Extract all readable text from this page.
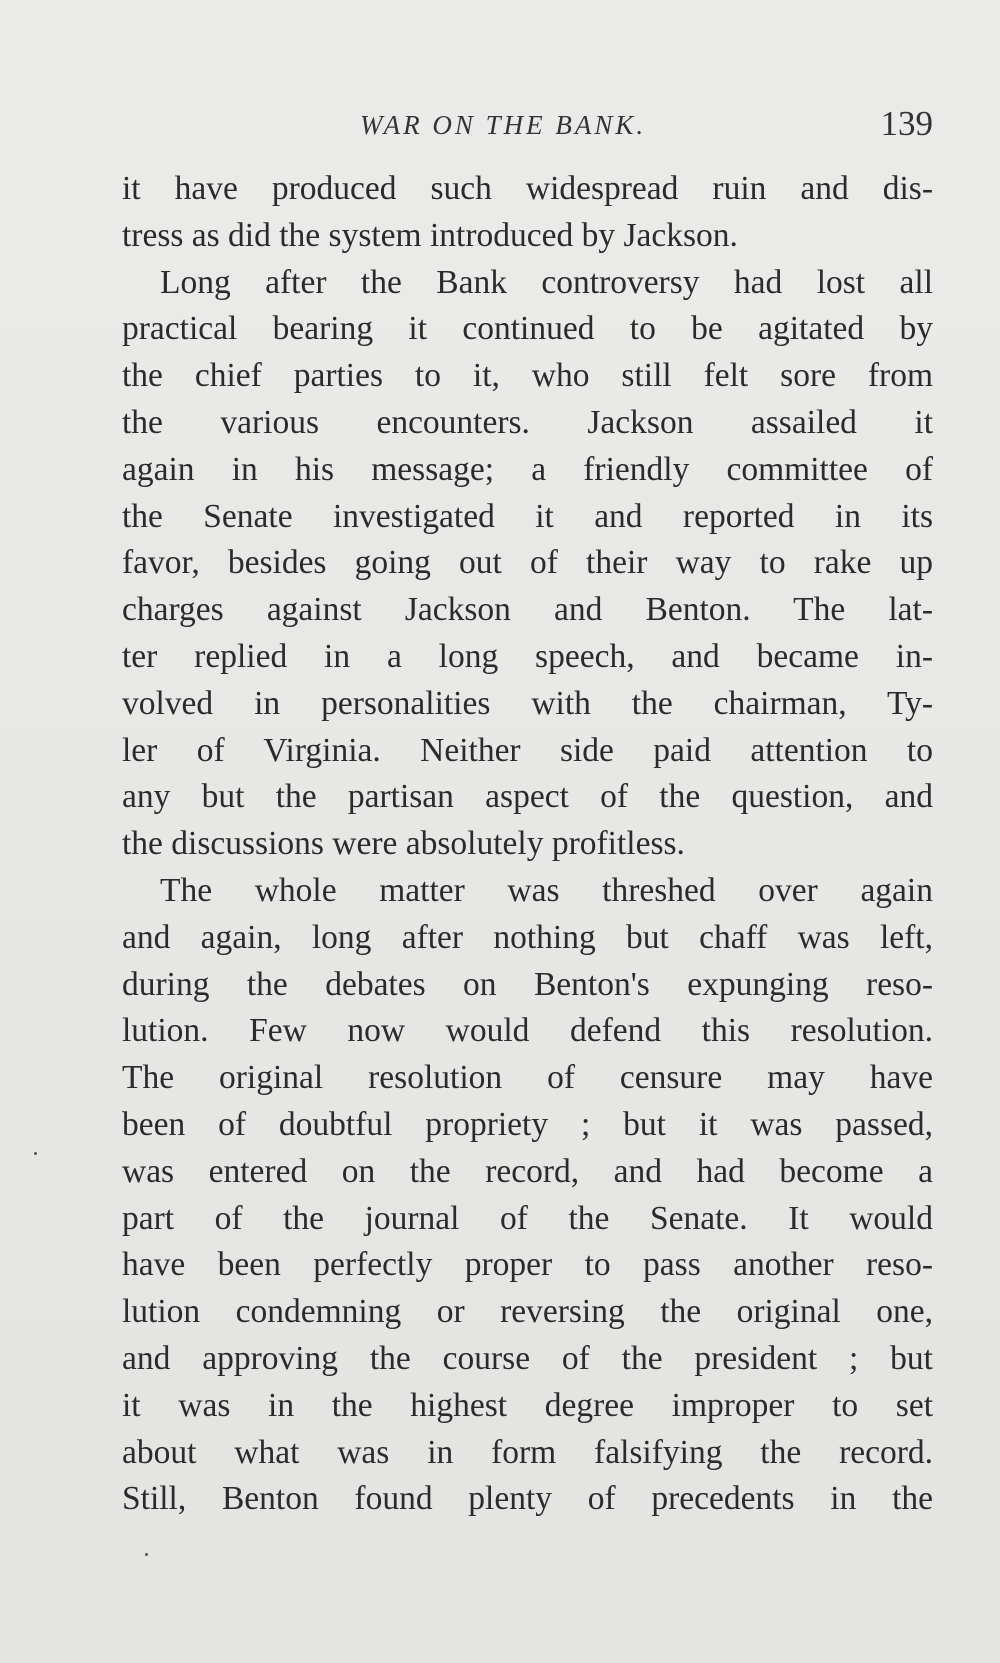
WAR ON THE BANK.	139
it have produced such widespread ruin and dis-
tress as did the system introduced by Jackson.
Long after the Bank controversy had lost all
practical bearing it continued to be agitated by
the chief parties to it, who still felt sore from
the various encounters. Jackson assailed it
again in his message; a friendly committee of
the Senate investigated it and reported in its
favor, besides going out of their way to rake up
charges against Jackson and Benton. The lat-
ter replied in a long speech, and became in-
volved in personalities with the chairman, Ty-
ler of Virginia. Neither side paid attention to
any but the partisan aspect of the question, and
the discussions were absolutely profitless.
The whole matter was threshed over again
and again, long after nothing but chaff was left,
during the debates on Benton's expunging reso-
lution. Few now would defend this resolution.
The original resolution of censure may have
been of doubtful propriety ; but it was passed,
was entered on the record, and had become a
part of the journal of the Senate. It would
have been perfectly proper to pass another reso-
lution condemning or reversing the original one,
and approving the course of the president ; but
it was in the highest degree improper to set
about what was in form falsifying the record.
Still, Benton found plenty of precedents in the
